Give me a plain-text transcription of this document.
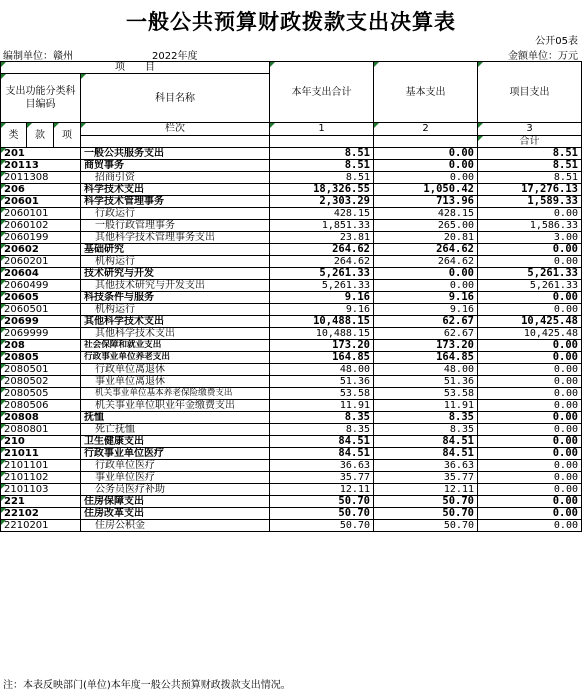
一般公共预算财政拨款支出决算表
公开05表
编制单位：赣州	2022年度	金额单位：万元
项　　目				本年支出合计	基本支出	项目支出	
支出功能分类科目编码			科目名称				

类	款	项	栏次	1	2	3	
						合计			
201			一般公共服务支出	8.51	0.00	8.51	
20113			商贸事务	8.51	0.00	8.51	
2011308			招商引资	8.51	0.00	8.51	
206			科学技术支出	18,326.55	1,050.42	17,276.13	
20601			科学技术管理事务	2,303.29	713.96	1,589.33	
2060101			行政运行	428.15	428.15	0.00	
2060102			一般行政管理事务	1,851.33	265.00	1,586.33	
2060199			其他科学技术管理事务支出	23.81	20.81	3.00	
20602			基础研究	264.62	264.62	0.00	
2060201			机构运行	264.62	264.62	0.00	
20604			技术研究与开发	5,261.33	0.00	5,261.33	
2060499			其他技术研究与开发支出	5,261.33	0.00	5,261.33	
20605			科技条件与服务	9.16	9.16	0.00	
2060501			机构运行	9.16	9.16	0.00	
20699			其他科学技术支出	10,488.15	62.67	10,425.48	
2069999			其他科学技术支出	10,488.15	62.67	10,425.48	
208			社会保障和就业支出	173.20	173.20	0.00	
20805			行政事业单位养老支出	164.85	164.85	0.00	
2080501			行政单位离退休	48.00	48.00	0.00	
2080502			事业单位离退休	51.36	51.36	0.00	
2080505			机关事业单位基本养老保险缴费支出	53.58	53.58	0.00	
2080506			机关事业单位职业年金缴费支出	11.91	11.91	0.00	
20808			抚恤	8.35	8.35	0.00	
2080801			死亡抚恤	8.35	8.35	0.00	
210			卫生健康支出	84.51	84.51	0.00	
21011			行政事业单位医疗	84.51	84.51	0.00	
2101101			行政单位医疗	36.63	36.63	0.00	
2101102			事业单位医疗	35.77	35.77	0.00	
2101103			公务员医疗补助	12.11	12.11	0.00	
221			住房保障支出	50.70	50.70	0.00	
22102			住房改革支出	50.70	50.70	0.00	
2210201			住房公积金	50.70	50.70	0.00	
注：本表反映部门(单位)本年度一般公共预算财政拨款支出情况。
